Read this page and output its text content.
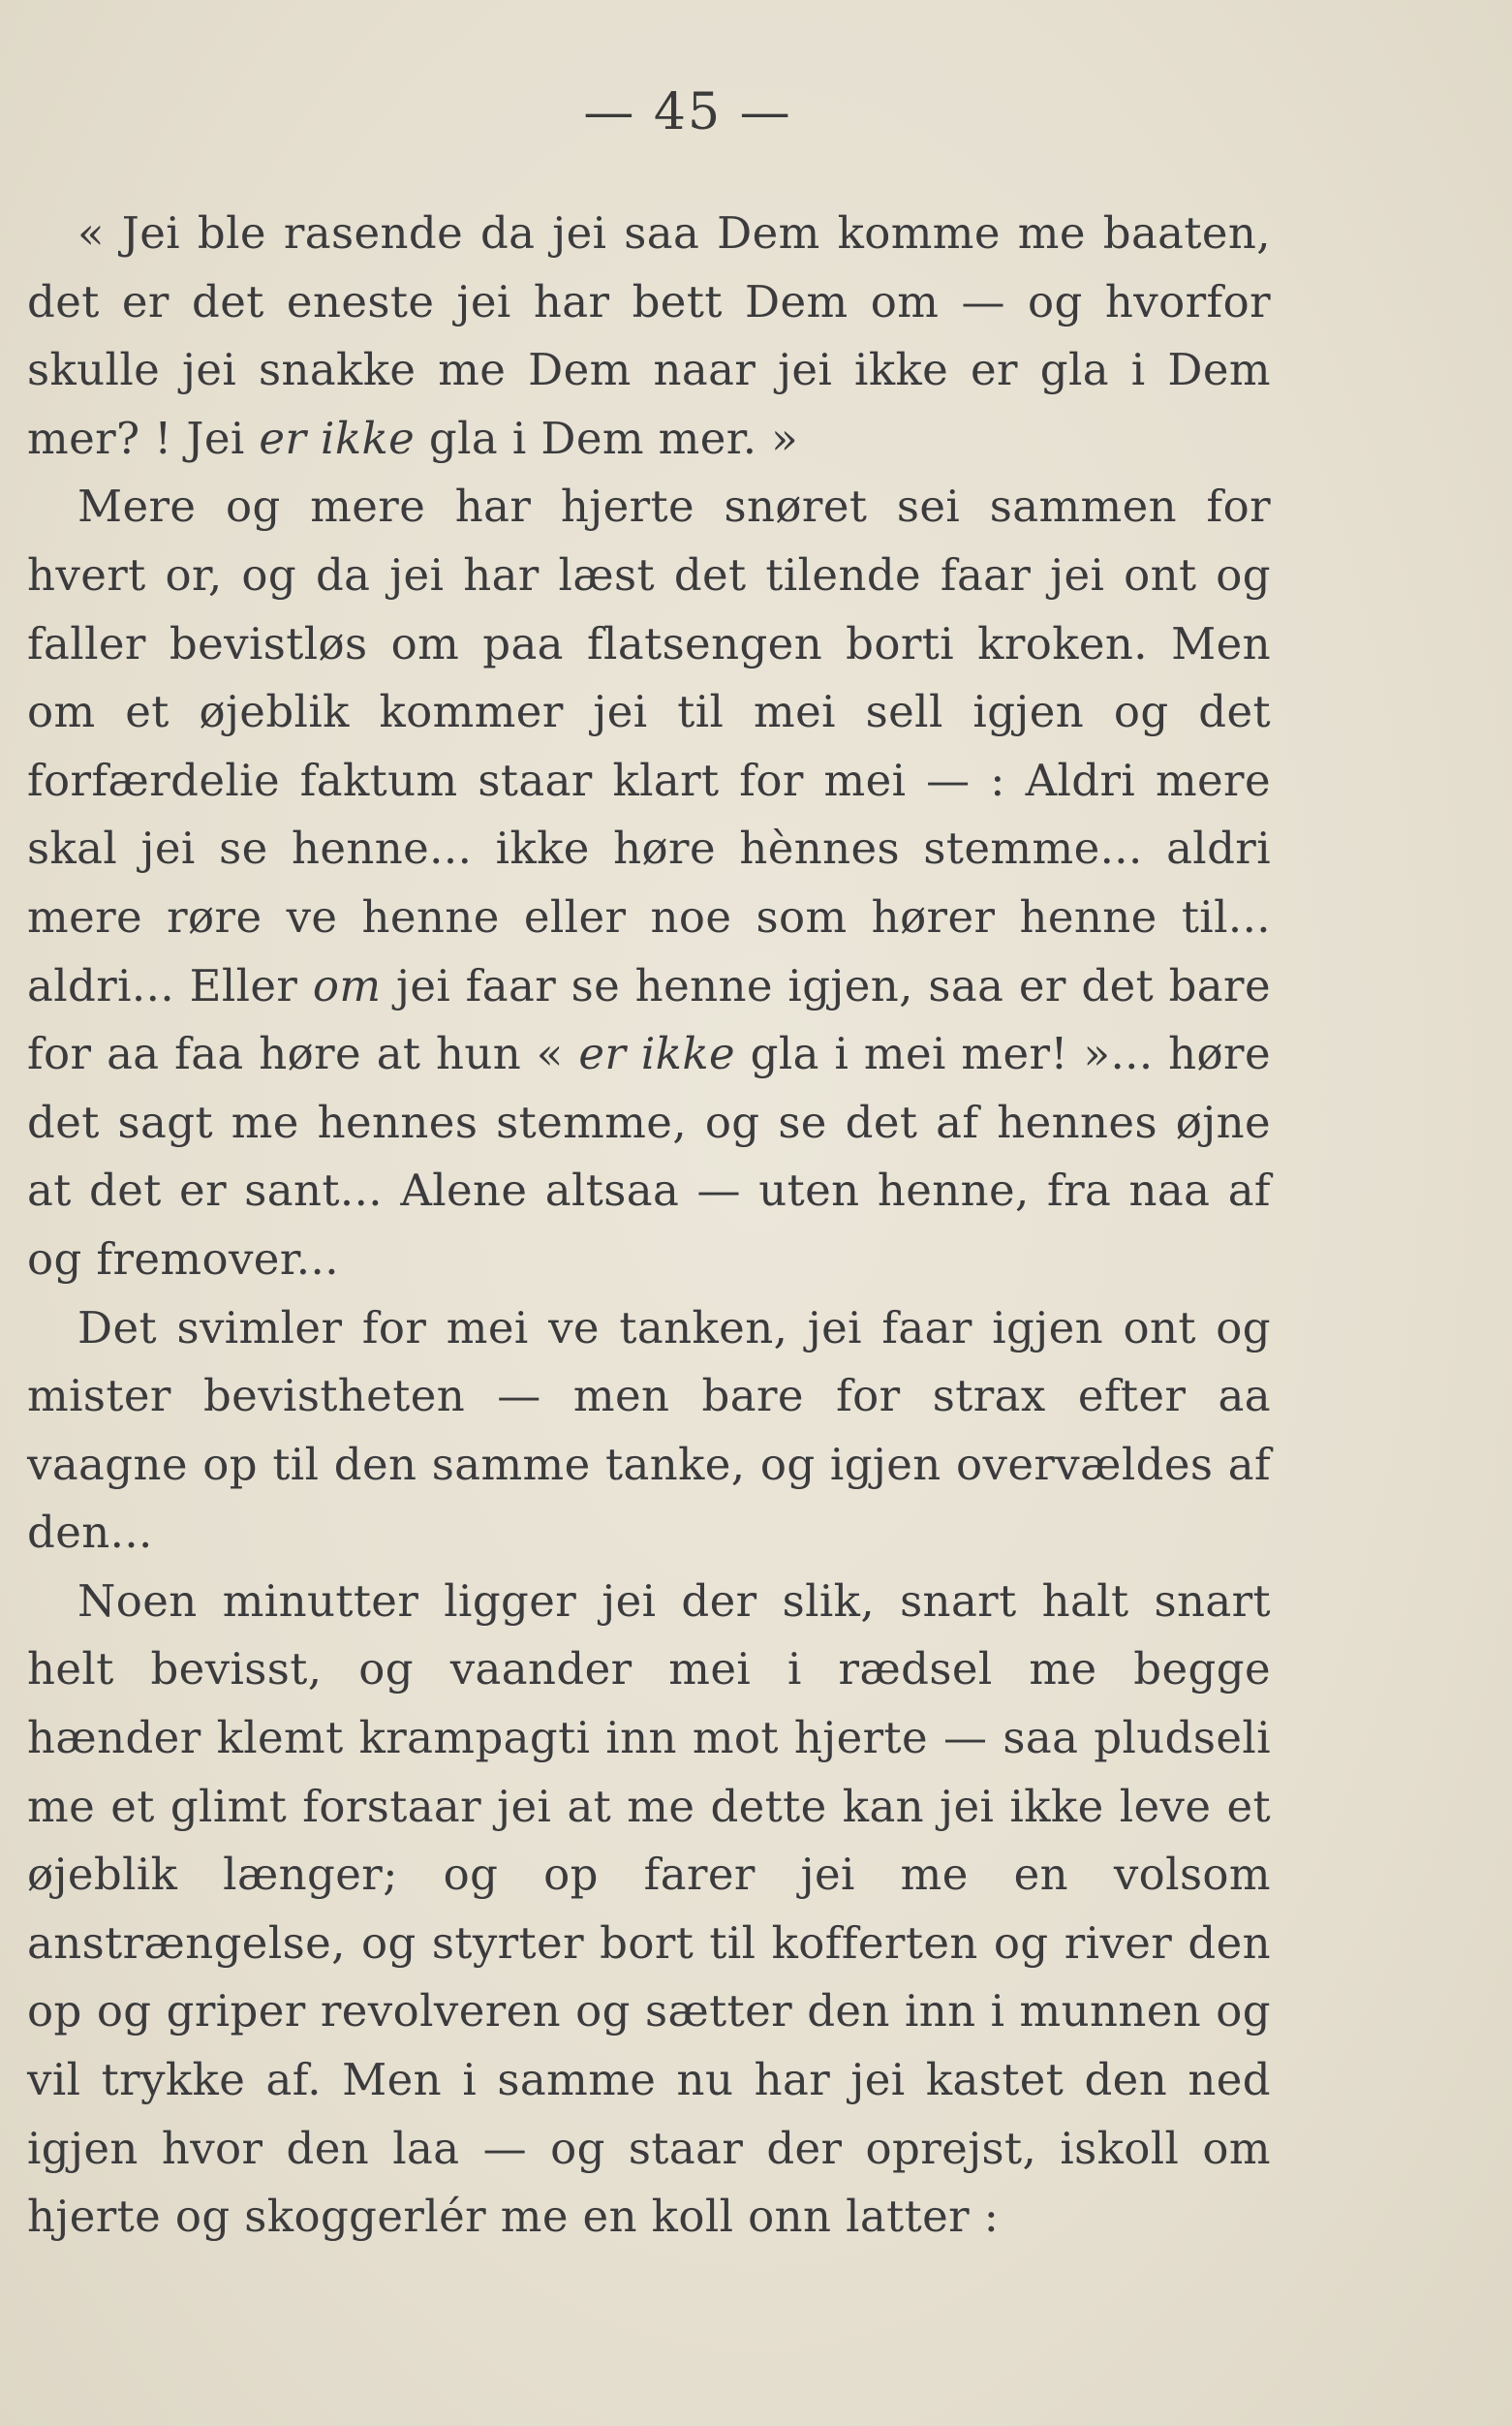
— 45 —

« Jei ble rasende da jei saa Dem komme me baaten, det er det eneste jei har bett Dem om — og hvorfor skulle jei snakke me Dem naar jei ikke er gla i Dem mer? ! Jei er ikke gla i Dem mer. »

Mere og mere har hjerte snøret sei sammen for hvert or, og da jei har læst det tilende faar jei ont og faller bevistløs om paa flatsengen borti kroken. Men om et øjeblik kommer jei til mei sell igjen og det forfærdelie faktum staar klart for mei — : Aldri mere skal jei se henne... ikke høre hènnes stemme... aldri mere røre ve henne eller noe som hører henne til... aldri... Eller om jei faar se henne igjen, saa er det bare for aa faa høre at hun « er ikke gla i mei mer! »... høre det sagt me hennes stemme, og se det af hennes øjne at det er sant... Alene altsaa — uten henne, fra naa af og fremover...

Det svimler for mei ve tanken, jei faar igjen ont og mister bevistheten — men bare for strax efter aa vaagne op til den samme tanke, og igjen overvældes af den...

Noen minutter ligger jei der slik, snart halt snart helt bevisst, og vaander mei i rædsel me begge hænder klemt krampagti inn mot hjerte — saa pludseli me et glimt forstaar jei at me dette kan jei ikke leve et øjeblik længer; og op farer jei me en volsom anstrængelse, og styrter bort til kofferten og river den op og griper revolveren og sætter den inn i munnen og vil trykke af. Men i samme nu har jei kastet den ned igjen hvor den laa — og staar der oprejst, iskoll om hjerte og skoggerlér me en koll onn latter :
